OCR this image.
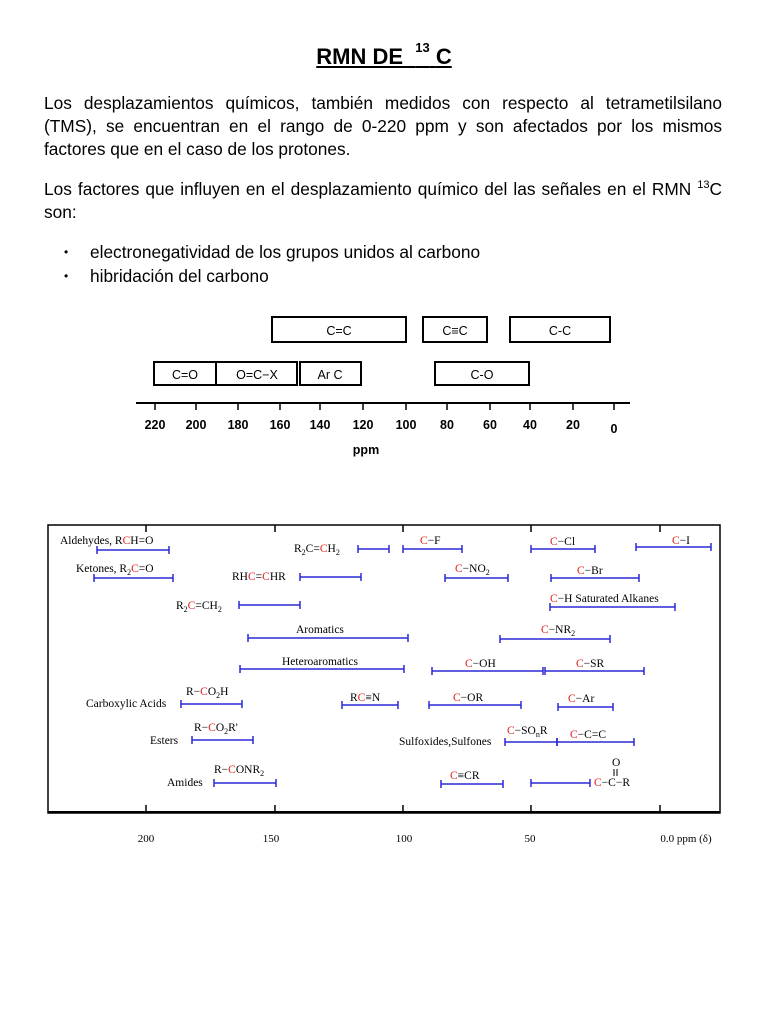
RMN DE $^{13}$ C
Los desplazamientos químicos, también medidos con respecto al tetrametilsilano (TMS), se encuentran en el rango de 0-220 ppm y son afectados por los mismos factores que en el caso de los protones.
Los factores que influyen en el desplazamiento químico del las señales en el RMN $^{13}$C son:
• electronegatividad de los grupos unidos al carbono
• hibridación del carbono
C=C	C≡C	C-C
C=O	O=C−X	Ar C	C-O
220 200 180 160 140 120 100 80 60 40 20 0
ppm
200	150	100	50	0.0 ppm (δ)
Aldehydes, RCH=O
Ketones, $R_2C=O$
$R_2C=CH_2$
RHC=CHR
$R_2C=CH_2$
Aromatics
Heteroaromatics
$R-CO_2H$
Carboxylic Acids
$R-CO_2R'$
Esters
$R-CONR_2$
Amides
RC≡N
C−F
$C-NO_2$
C−OH
C−OR
$C-SO_nR$
Sulfoxides,Sulfones
C≡CR
C−Cl
C−Br
C−H Saturated Alkanes
$C-NR_2$
C−SR
C−Ar
C−C=C
C−I
O
C−C−R
